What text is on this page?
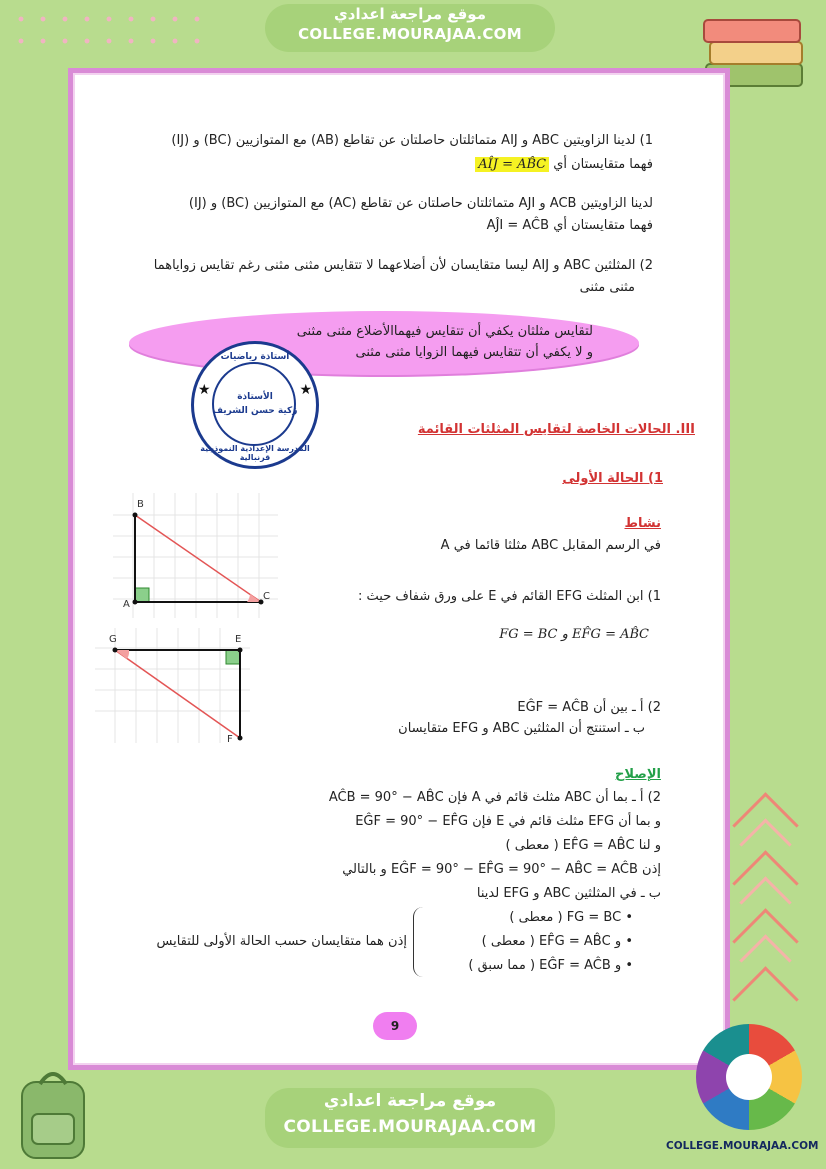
موقع مراجعة اعدادي
COLLEGE.MOURAJAA.COM
1) لدينا الزاويتين ABC و AIJ متماثلتان حاصلتان عن تقاطع (AB) مع المتوازيين (BC) و (IJ)
فهما متقايستان أي AÎJ = AB̂C
لدينا الزاويتين ACB و AJI متماثلتان حاصلتان عن تقاطع (AC) مع المتوازيين (BC) و (IJ)
فهما متقايستان أي AĴI = AĈB
2) المثلثين ABC و AIJ ليسا متقايسان لأن أضلاعهما لا تتقايس مثنى مثنى رغم تقايس زواياهما
مثنى مثنى
لتقايس مثلثان يكفي أن تتقايس فيهماالأضلاع مثنى مثنى
و لا يكفي أن تتقايس فيهما الزوايا مثنى مثنى
أستاذة رياضيات
★	★
الأستاذة
زكية حسن الشريف
المدرسة الإعدادية النموذجية قرنبالية
III. الحالات الخاصة لتقايس المثلثات القائمة
1) الحالة الأولى
نشاط
في الرسم المقابل ABC مثلثا قائما في A
B
A
C
G	E
F
1) ابن المثلث EFG القائم في E على ورق شفاف حيث :
EF̂G = AB̂C و FG = BC
2) أ ـ بين أن EĜF = AĈB
ب ـ استنتج أن المثلثين ABC و EFG متقايسان
الإصلاح
2) أ ـ بما أن ABC مثلث قائم في A فإن AĈB = 90° − AB̂C
و بما أن EFG مثلث قائم في E فإن EĜF = 90° − EF̂G
و لنا EF̂G = AB̂C ( معطى )
إذن EĜF = 90° − EF̂G = 90° − AB̂C = AĈB و بالتالي
ب ـ في المثلثين ABC و EFG لدينا
• FG = BC ( معطى )
• و EF̂G = AB̂C ( معطى )
• و EĜF = AĈB ( مما سبق )
إذن هما متقايسان حسب الحالة الأولى للتقايس
9
موقع مراجعة اعدادي
COLLEGE.MOURAJAA.COM
COLLEGE.MOURAJAA.COM
